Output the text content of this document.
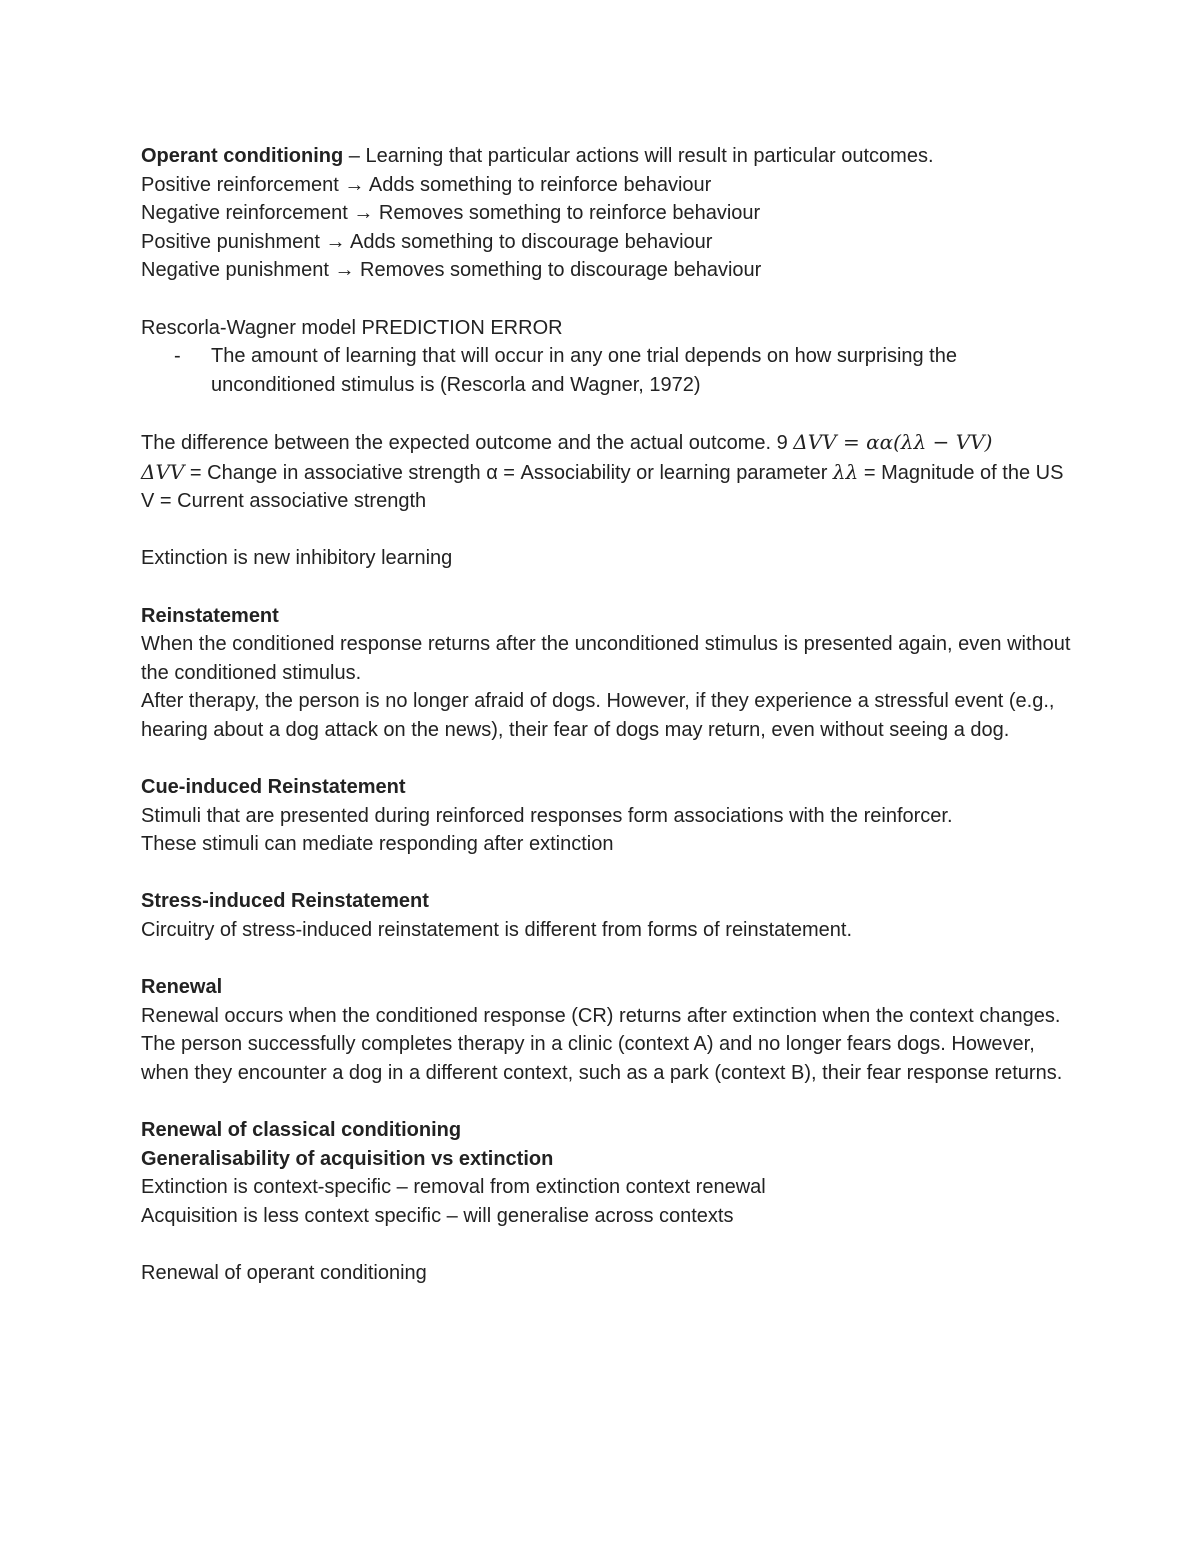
Operant conditioning – Learning that particular actions will result in particular outcomes.
Positive reinforcement → Adds something to reinforce behaviour
Negative reinforcement → Removes something to reinforce behaviour
Positive punishment → Adds something to discourage behaviour
Negative punishment → Removes something to discourage behaviour
Rescorla-Wagner model PREDICTION ERROR
- The amount of learning that will occur in any one trial depends on how surprising the unconditioned stimulus is (Rescorla and Wagner, 1972)
The difference between the expected outcome and the actual outcome. 9 ΔVV = αα(λλ − VV)
ΔVV = Change in associative strength α = Associability or learning parameter λλ = Magnitude of the US V = Current associative strength
Extinction is new inhibitory learning
Reinstatement
When the conditioned response returns after the unconditioned stimulus is presented again, even without the conditioned stimulus.
After therapy, the person is no longer afraid of dogs. However, if they experience a stressful event (e.g., hearing about a dog attack on the news), their fear of dogs may return, even without seeing a dog.
Cue-induced Reinstatement
Stimuli that are presented during reinforced responses form associations with the reinforcer.
These stimuli can mediate responding after extinction
Stress-induced Reinstatement
Circuitry of stress-induced reinstatement is different from forms of reinstatement.
Renewal
Renewal occurs when the conditioned response (CR) returns after extinction when the context changes.
The person successfully completes therapy in a clinic (context A) and no longer fears dogs. However, when they encounter a dog in a different context, such as a park (context B), their fear response returns.
Renewal of classical conditioning
Generalisability of acquisition vs extinction
Extinction is context-specific – removal from extinction context renewal
Acquisition is less context specific – will generalise across contexts
Renewal of operant conditioning
